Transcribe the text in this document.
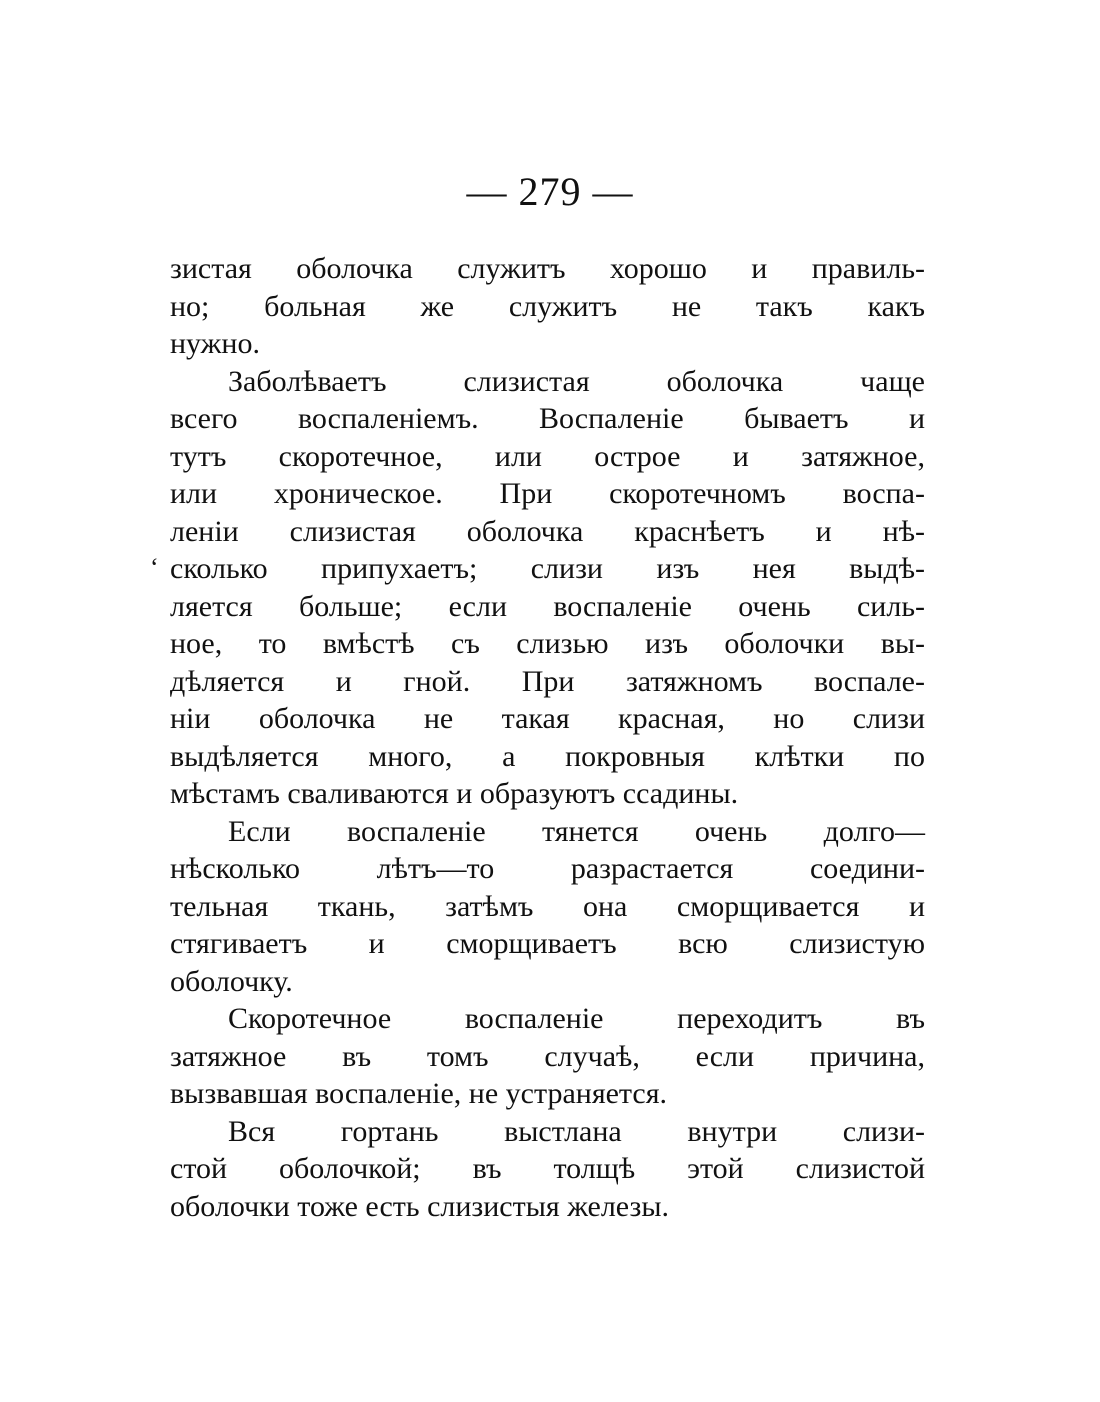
— 279 —
‘
зистая оболочка служитъ хорошо и правиль-
но; больная же служитъ не такъ какъ
нужно.
Заболѣваетъ слизистая оболочка чаще
всего воспаленіемъ. Воспаленіе бываетъ и
тутъ скоротечное, или острое и затяжное,
или хроническое. При скоротечномъ воспа-
леніи слизистая оболочка краснѣетъ и нѣ-
сколько припухаетъ; слизи изъ нея выдѣ-
ляется больше; если воспаленіе очень силь-
ное, то вмѣстѣ съ слизью изъ оболочки вы-
дѣляется и гной. При затяжномъ воспале-
ніи оболочка не такая красная, но слизи
выдѣляется много, а покровныя клѣтки по
мѣстамъ сваливаются и образуютъ ссадины.
Если воспаленіе тянется очень долго—
нѣсколько лѣтъ—то разрастается соедини-
тельная ткань, затѣмъ она сморщивается и
стягиваетъ и сморщиваетъ всю слизистую
оболочку.
Скоротечное воспаленіе переходитъ въ
затяжное въ томъ случаѣ, если причина,
вызвавшая воспаленіе, не устраняется.
Вся гортань выстлана внутри слизи-
стой оболочкой; въ толщѣ этой слизистой
оболочки тоже есть слизистыя железы.
